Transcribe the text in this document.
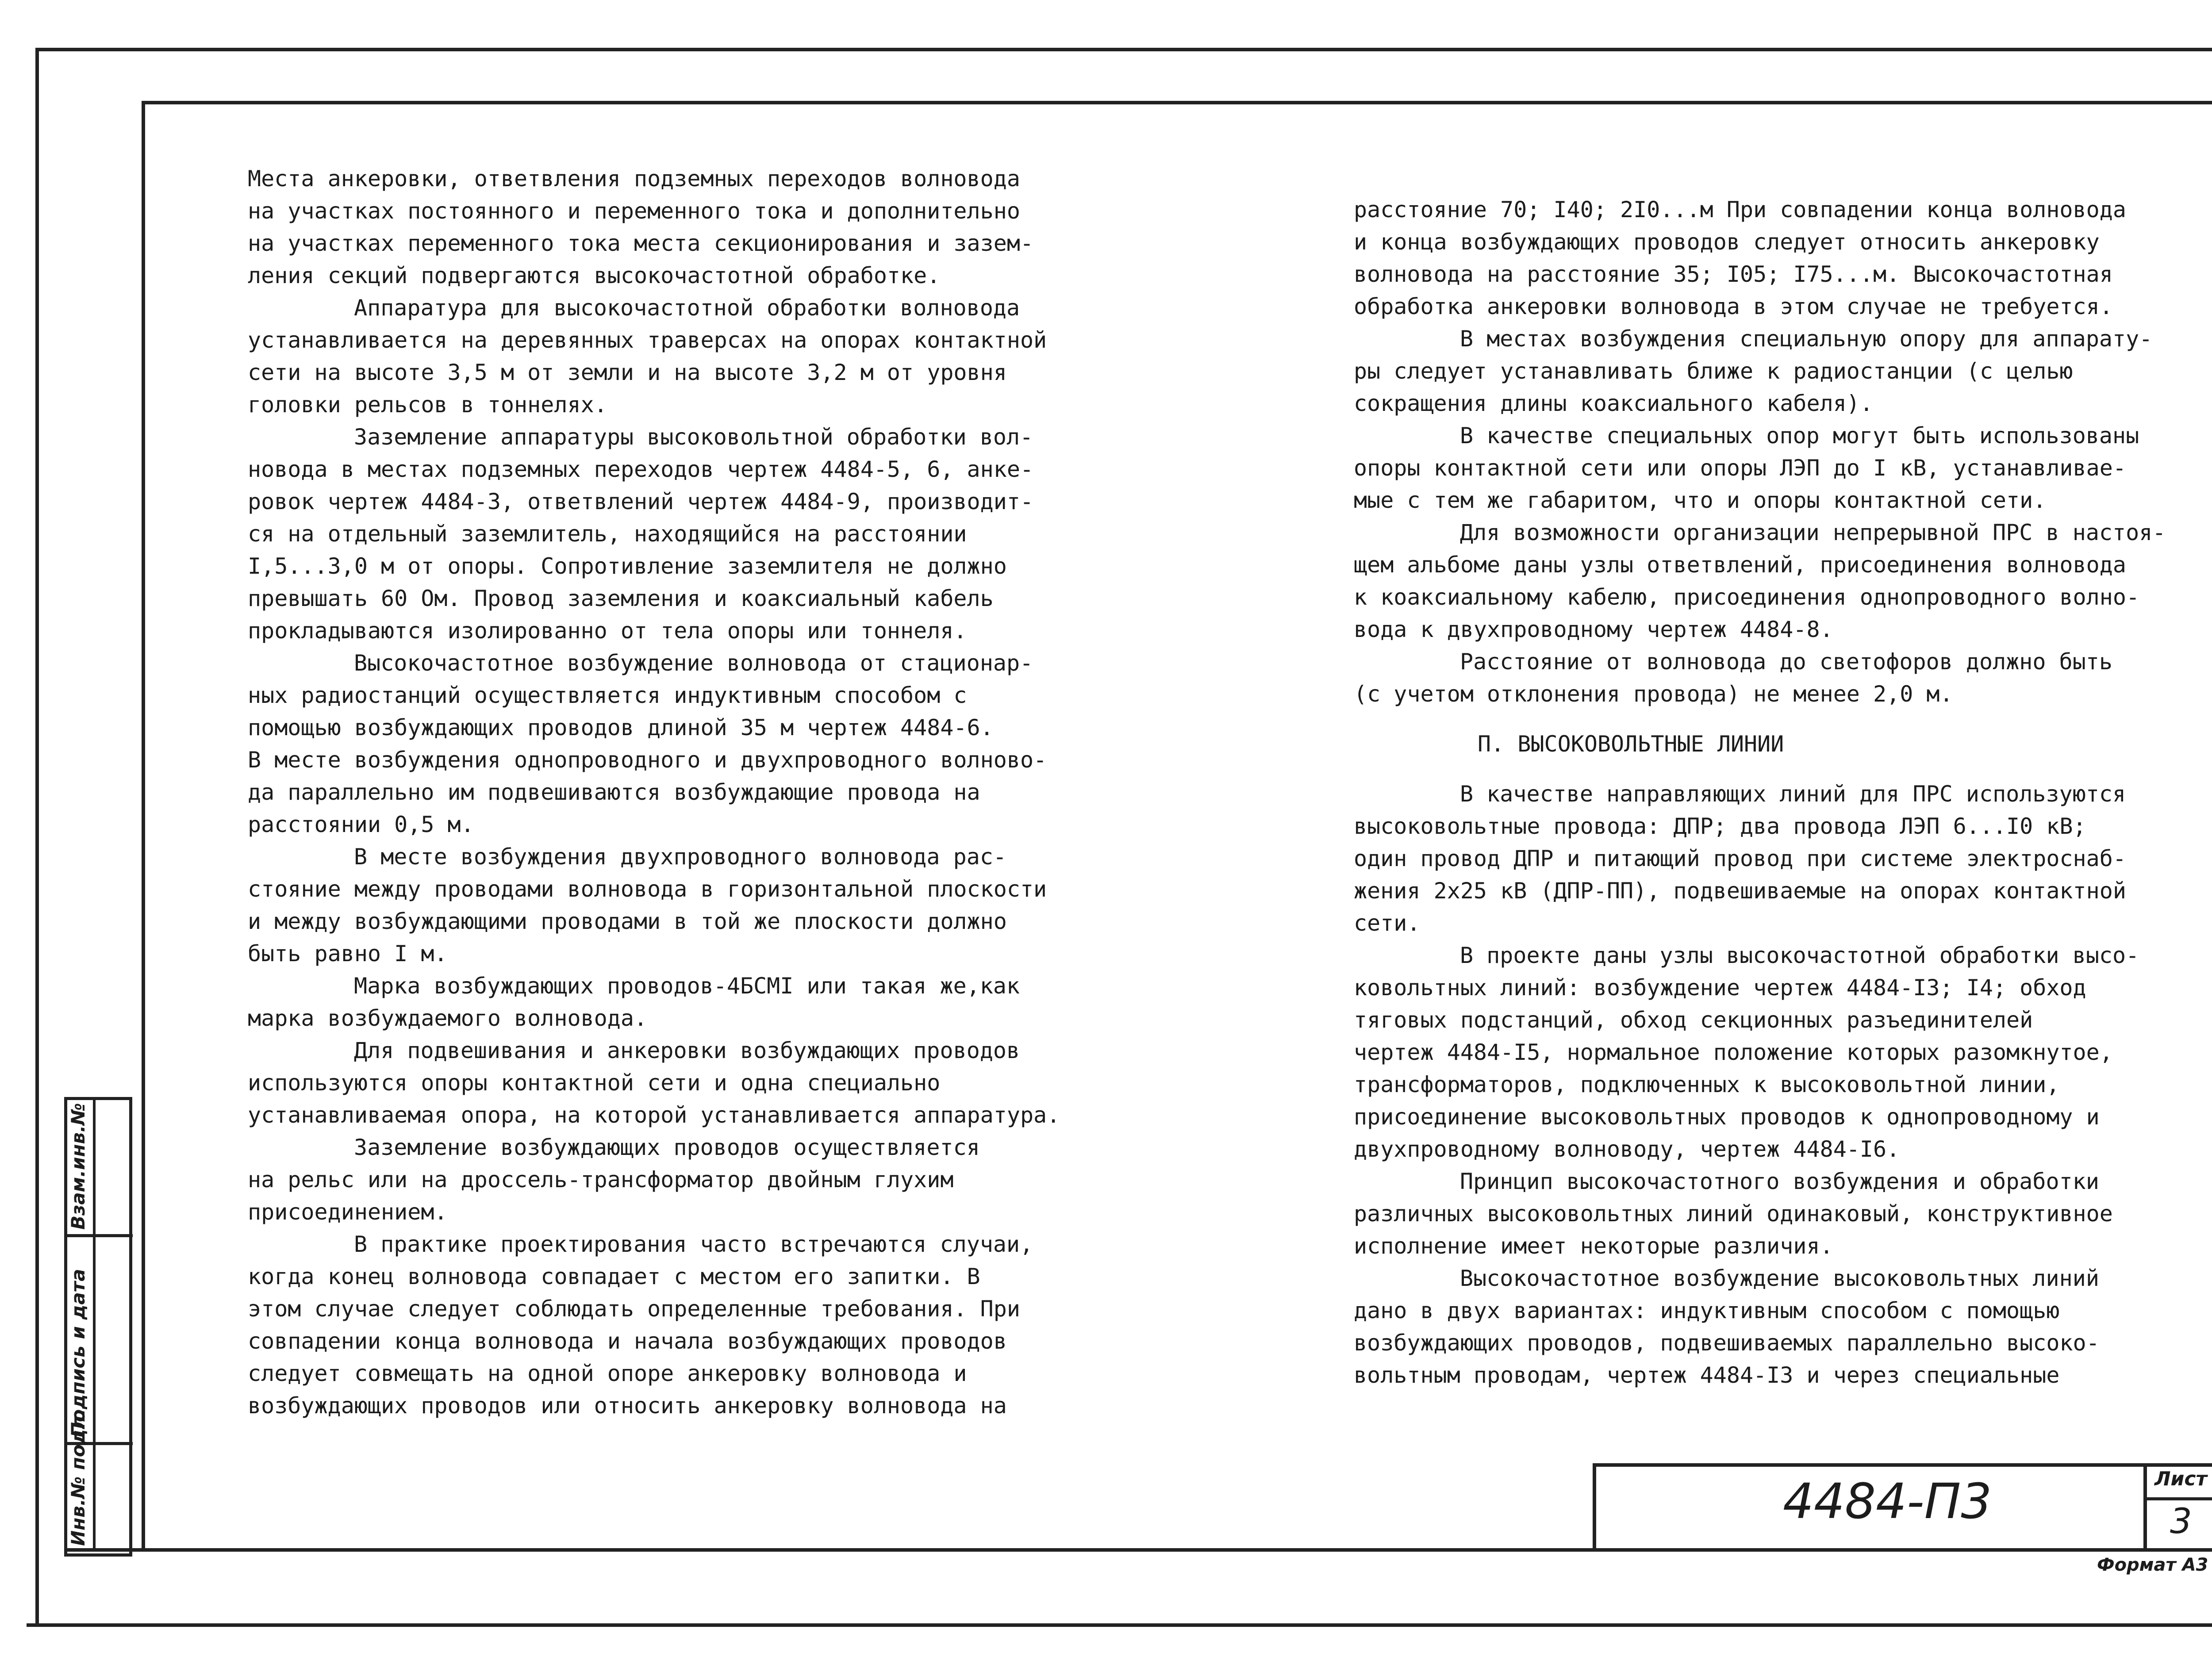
Взам.инв.№
Подпись и дата
Инв.№ подл.

Места анкеровки, ответвления подземных переходов волновода

на участках постоянного и переменного тока и дополнительно

на участках переменного тока места секционирования и зазем-

ления секций подвергаются высокочастотной обработке.

Аппаратура для высокочастотной обработки волновода

устанавливается на деревянных траверсах на опорах контактной

сети на высоте 3,5 м от земли и на высоте 3,2 м от уровня

головки рельсов в тоннелях.

Заземление аппаратуры высоковольтной обработки вол-

новода в местах подземных переходов чертеж 4484-5, 6, анке-

ровок чертеж 4484-3, ответвлений чертеж 4484-9, производит-

ся на отдельный заземлитель, находящийся на расстоянии

I,5...3,0 м от опоры. Сопротивление заземлителя не должно

превышать 60 Ом. Провод заземления и коаксиальный кабель

прокладываются изолированно от тела опоры или тоннеля.

Высокочастотное возбуждение волновода от стационар-

ных радиостанций осуществляется индуктивным способом с

помощью возбуждающих проводов длиной 35 м чертеж 4484-6.

В месте возбуждения однопроводного и двухпроводного волново-

да параллельно им подвешиваются возбуждающие провода на

расстоянии 0,5 м.

В месте возбуждения двухпроводного волновода рас-

стояние между проводами волновода в горизонтальной плоскости

и между возбуждающими проводами в той же плоскости должно

быть равно I м.

Марка возбуждающих проводов-4БСМI или такая же,как

марка возбуждаемого волновода.

Для подвешивания и анкеровки возбуждающих проводов

используются опоры контактной сети и одна специально

устанавливаемая опора, на которой устанавливается аппаратура.

Заземление возбуждающих проводов осуществляется

на рельс или на дроссель-трансформатор двойным глухим

присоединением.

В практике проектирования часто встречаются случаи,

когда конец волновода совпадает с местом его запитки. В

этом случае следует соблюдать определенные требования. При

совпадении конца волновода и начала возбуждающих проводов

следует совмещать на одной опоре анкеровку волновода и

возбуждающих проводов или относить анкеровку волновода на

расстояние 70; I40; 2I0...м При совпадении конца волновода

и конца возбуждающих проводов следует относить анкеровку

волновода на расстояние 35; I05; I75...м. Высокочастотная

обработка анкеровки волновода в этом случае не требуется.

В местах возбуждения специальную опору для аппарату-

ры следует устанавливать ближе к радиостанции (с целью

сокращения длины коаксиального кабеля).

В качестве специальных опор могут быть использованы

опоры контактной сети или опоры ЛЭП до I кВ, устанавливае-

мые с тем же габаритом, что и опоры контактной сети.

Для возможности организации непрерывной ПРС в настоя-

щем альбоме даны узлы ответвлений, присоединения волновода

к коаксиальному кабелю, присоединения однопроводного волно-

вода к двухпроводному чертеж 4484-8.

Расстояние от волновода до светофоров должно быть

(с учетом отклонения провода) не менее 2,0 м.

П. ВЫСОКОВОЛЬТНЫЕ ЛИНИИ

В качестве направляющих линий для ПРС используются

высоковольтные провода: ДПР; два провода ЛЭП 6...I0 кВ;

один провод ДПР и питающий провод при системе электроснаб-

жения 2х25 кВ (ДПР-ПП), подвешиваемые на опорах контактной

сети.

В проекте даны узлы высокочастотной обработки высо-

ковольтных линий: возбуждение чертеж 4484-I3; I4; обход

тяговых подстанций, обход секционных разъединителей

чертеж 4484-I5, нормальное положение которых разомкнутое,

трансформаторов, подключенных к высоковольтной линии,

присоединение высоковольтных проводов к однопроводному и

двухпроводному волноводу, чертеж 4484-I6.

Принцип высокочастотного возбуждения и обработки

различных высоковольтных линий одинаковый, конструктивное

исполнение имеет некоторые различия.

Высокочастотное возбуждение высоковольтных линий

дано в двух вариантах: индуктивным способом с помощью

возбуждающих проводов, подвешиваемых параллельно высоко-

вольтным проводам, чертеж 4484-I3 и через специальные

4484-П3	Лист
3
Формат А3
